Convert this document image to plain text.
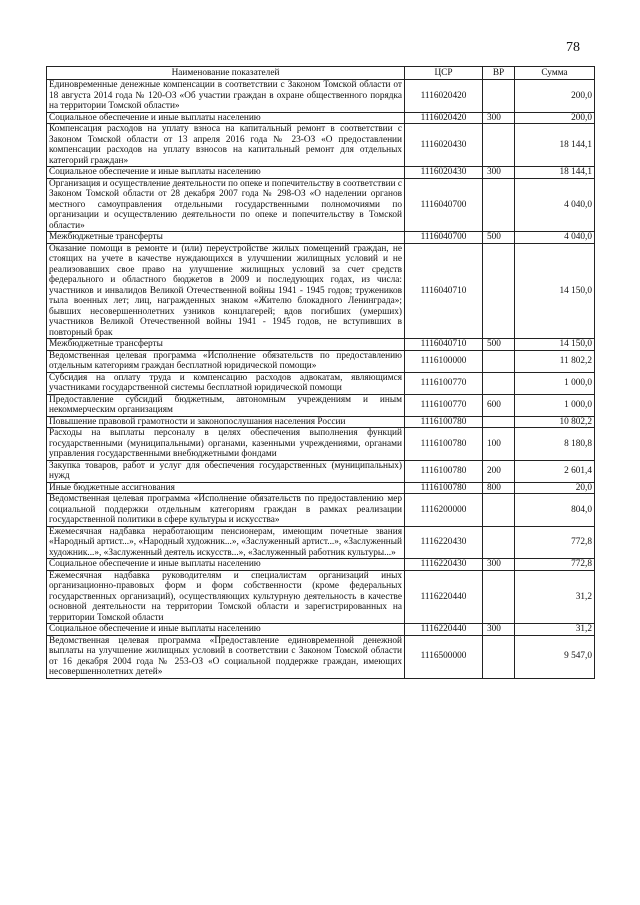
78
Наименование показателей	ЦСР	ВР	Сумма
Единовременные денежные компенсации в соответствии с Законом Томской области от 18 августа 2014 года № 120-ОЗ «Об участии граждан в охране общественного порядка на территории Томской области»	1116020420		200,0
Социальное обеспечение и иные выплаты населению	1116020420	300	200,0
Компенсация расходов на уплату взноса на капитальный ремонт в соответствии с Законом Томской области от 13 апреля 2016 года № 23-ОЗ «О предоставлении компенсации расходов на уплату взносов на капитальный ремонт для отдельных категорий граждан»	1116020430		18 144,1
Социальное обеспечение и иные выплаты населению	1116020430	300	18 144,1
Организация и осуществление деятельности по опеке и попечительству в соответствии с Законом Томской области от 28 декабря 2007 года № 298-ОЗ «О наделении органов местного самоуправления отдельными государственными полномочиями по организации и осуществлению деятельности по опеке и попечительству в Томской области»	1116040700		4 040,0
Межбюджетные трансферты	1116040700	500	4 040,0
Оказание помощи в ремонте и (или) переустройстве жилых помещений граждан, не стоящих на учете в качестве нуждающихся в улучшении жилищных условий и не реализовавших свое право на улучшение жилищных условий за счет средств федерального и областного бюджетов в 2009 и последующих годах, из числа: участников и инвалидов Великой Отечественной войны 1941 - 1945 годов; тружеников тыла военных лет; лиц, награжденных знаком «Жителю блокадного Ленинграда»; бывших несовершеннолетних узников концлагерей; вдов погибших (умерших) участников Великой Отечественной войны 1941 - 1945 годов, не вступивших в повторный брак	1116040710		14 150,0
Межбюджетные трансферты	1116040710	500	14 150,0
Ведомственная целевая программа «Исполнение обязательств по предоставлению отдельным категориям граждан бесплатной юридической помощи»	1116100000		11 802,2
Субсидия на оплату труда и компенсацию расходов адвокатам, являющимся участниками государственной системы бесплатной юридической помощи	1116100770		1 000,0
Предоставление субсидий бюджетным, автономным учреждениям и иным некоммерческим организациям	1116100770	600	1 000,0
Повышение правовой грамотности и законопослушания населения России	1116100780		10 802,2
Расходы на выплаты персоналу в целях обеспечения выполнения функций государственными (муниципальными) органами, казенными учреждениями, органами управления государственными внебюджетными фондами	1116100780	100	8 180,8
Закупка товаров, работ и услуг для обеспечения государственных (муниципальных) нужд	1116100780	200	2 601,4
Иные бюджетные ассигнования	1116100780	800	20,0
Ведомственная целевая программа «Исполнение обязательств по предоставлению мер социальной поддержки отдельным категориям граждан в рамках реализации государственной политики в сфере культуры и искусства»	1116200000		804,0
Ежемесячная надбавка неработающим пенсионерам, имеющим почетные звания «Народный артист...», «Народный художник...», «Заслуженный артист...», «Заслуженный художник...», «Заслуженный деятель искусств...», «Заслуженный работник культуры...»	1116220430		772,8
Социальное обеспечение и иные выплаты населению	1116220430	300	772,8
Ежемесячная надбавка руководителям и специалистам организаций иных организационно-правовых форм и форм собственности (кроме федеральных государственных организаций), осуществляющих культурную деятельность в качестве основной деятельности на территории Томской области и зарегистрированных на территории Томской области	1116220440		31,2
Социальное обеспечение и иные выплаты населению	1116220440	300	31,2
Ведомственная целевая программа «Предоставление единовременной денежной выплаты на улучшение жилищных условий в соответствии с Законом Томской области от 16 декабря 2004 года № 253-ОЗ «О социальной поддержке граждан, имеющих несовершеннолетних детей»	1116500000		9 547,0
